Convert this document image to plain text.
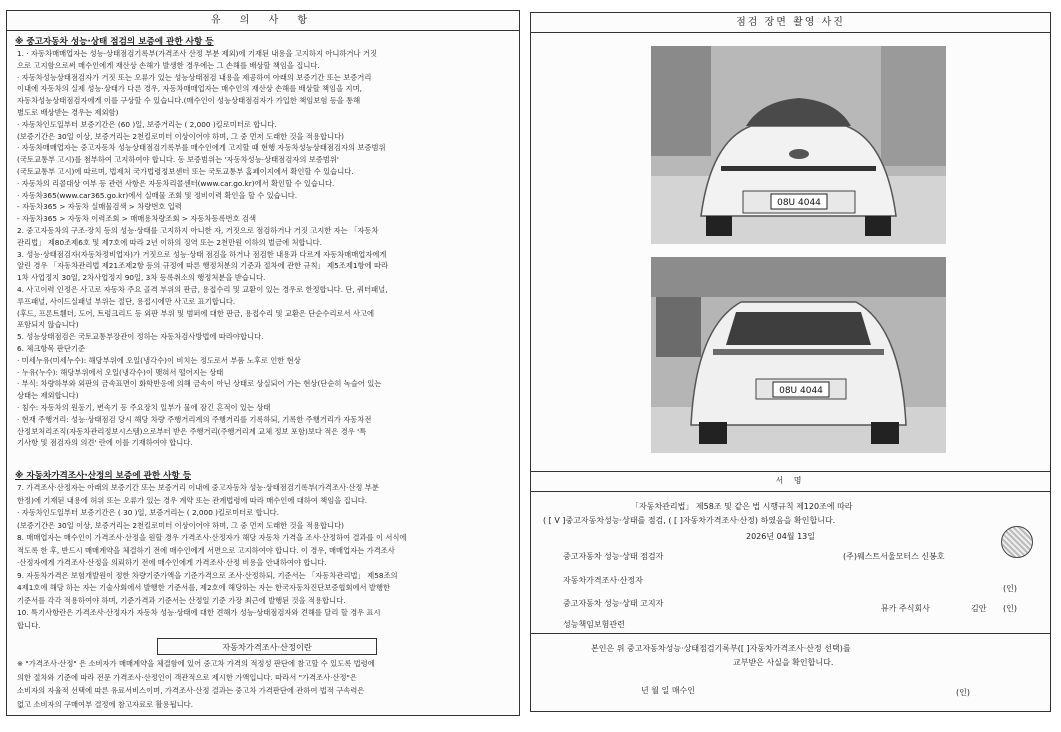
유 의 사 항
※ 중고자동차 성능·상태 점검의 보증에 관한 사항 등
1. · 자동차매매업자는 성능·상태점검기록부(가격조사 산정 부분 제외)에 기재된 내용을 고지하지 아니하거나 거짓
으로 고지함으로써 매수인에게 재산상 손해가 발생한 경우에는 그 손해를 배상할 책임을 집니다.
· 자동차성능상태점검자가 거짓 또는 오류가 있는 성능상태점검 내용을 제공하여 아래의 보증기간 또는 보증거리
이내에 자동차의 실제 성능·상태가 다른 경우, 자동차매매업자는 매수인의 재산상 손해를 배상할 책임을 지며,
자동차성능상태점검자에게 이를 구상할 수 있습니다.(매수인이 성능상태점검자가 가입한 책임보험 등을 통해
별도로 배상받는 경우는 제외함)
· 자동차인도일부터 보증기간은 (60 )일, 보증거리는 ( 2,000 )킬로미터로 합니다.
(보증기간은 30일 이상, 보증거리는 2천킬로미터 이상이어야 하며, 그 중 먼저 도래한 것을 적용합니다)
· 자동차매매업자는 중고자동차 성능상태점검기록부를 매수인에게 고지할 때 현행 자동차성능상태점검자의 보증범위
(국토교통부 고시)를 첨부하여 고지하여야 합니다. 동 보증범위는 '자동차성능·상태점검자의 보증범위'
(국토교통부 고시)에 따르며, 법제처 국가법령정보센터 또는 국토교통부 홈페이지에서 확인할 수 있습니다.
· 자동차의 리콜대상 여부 등 관련 사항은 자동차리콜센터(www.car.go.kr)에서 확인할 수 있습니다.
· 자동차365(www.car365.go.kr)에서 실매물 조회 및 정비이력 확인을 할 수 있습니다.
- 자동차365 > 자동차 실매물검색 > 차량번호 입력
- 자동차365 > 자동차 이력조회 > 매매용차량조회 > 자동차등록번호 검색
2. 중고자동차의 구조·장치 등의 성능·상태를 고지하지 아니한 자, 거짓으로 점검하거나 거짓 고지한 자는 「자동차
관리법」 제80조제6호 및 제7호에 따라 2년 이하의 징역 또는 2천만원 이하의 벌금에 처합니다.
3. 성능·상태점검자(자동차정비업자)가 거짓으로 성능·상태 점검을 하거나 점검한 내용과 다르게 자동차매매업자에게
알린 경우 「자동차관리법 제21조제2항 등의 규정에 따른 행정처분의 기준과 절차에 관한 규칙」 제5조제1항에 따라
1차 사업정지 30일, 2차사업정지 90일, 3차 등록취소의 행정처분을 받습니다.
4. 사고이력 인정은 사고로 자동차 주요 골격 부위의 판금, 용접수리 및 교환이 있는 경우로 한정합니다. 단, 쿼터패널,
루프패널, 사이드실패널 부위는 절단, 용접시에만 사고로 표기합니다.
(후드, 프론트휀더, 도어, 트렁크리드 등 외판 부위 및 범퍼에 대한 판금, 용접수리 및 교환은 단순수리로서 사고에
포함되지 않습니다)
5. 성능상태점검은 국토교통부장관이 정하는 자동차검사방법에 따라야합니다.
6. 체크항목 판단기준
· 미세누유(미세누수): 해당부위에 오일(냉각수)이 비치는 정도로서 부품 노후로 인한 현상
· 누유(누수): 해당부위에서 오일(냉각수)이 맺혀서 떨어지는 상태
· 부식: 차량하부와 외판의 금속표면이 화학반응에 의해 금속이 아닌 상태로 상실되어 가는 현상(단순히 녹슬어 있는
상태는 제외합니다)
· 침수: 자동차의 원동기, 변속기 등 주요장치 일부가 물에 잠긴 흔적이 있는 상태
· 현재 주행거리: 성능·상태점검 당시 해당 차량 주행거리계의 주행거리를 기록하되, 기록한 주행거리가 자동차전
산정보처리조직(자동차관리정보시스템)으로부터 받은 주행거리(주행거리계 교체 정보 포함)보다 적은 경우 '특
기사항 및 점검자의 의견' 란에 이를 기재하여야 합니다.
※ 자동차가격조사·산정의 보증에 관한 사항 등
7. 가격조사·산정자는 아래의 보증기간 또는 보증거리 이내에 중고자동차 성능·상태점검기록부(가격조사·산정 부분
한정)에 기재된 내용에 허위 또는 오류가 있는 경우 계약 또는 관계법령에 따라 매수인에 대하여 책임을 집니다.
· 자동차인도일부터 보증기간은 ( 30 )일, 보증거리는 ( 2,000 )킬로미터로 합니다.
(보증기간은 30일 이상, 보증거리는 2천킬로미터 이상이어야 하며, 그 중 먼저 도래한 것을 적용합니다)
8. 매매업자는 매수인이 가격조사·산정을 원할 경우 가격조사·산정자가 해당 자동차 가격을 조사·산정하여 결과를 이 서식에
적도록 한 후, 반드시 매매계약을 체결하기 전에 매수인에게 서면으로 고지하여야 합니다. 이 경우, 매매업자는 가격조사
·산정자에게 가격조사·산정을 의뢰하기 전에 매수인에게 가격조사·산정 비용을 안내하여야 합니다.
9. 자동차가격은 보험개발원이 정한 차량기준가액을 기준가격으로 조사·산정하되, 기준서는 「자동차관리법」 제58조의
4제1호에 해당 하는 자는 기술사회에서 발행한 기준서를, 제2호에 해당하는 자는 한국자동차진단보증협회에서 발행한
기준서를 각각 적용하여야 하며, 기준가격과 기준서는 산정일 기준 가장 최근에 발행된 것을 적용합니다.
10. 특기사항란은 가격조사·산정자가 자동차 성능·상태에 대한 견해가 성능·상태점검자와 견해를 달리 할 경우 표시
합니다.
자동차가격조사·산정이란
※ "가격조사·산정" 은 소비자가 매매계약을 체결함에 있어 중고차 가격의 적정성 판단에 참고할 수 있도록 법령에
의한 절차와 기준에 따라 전문 가격조사·산정인이 객관적으로 제시한 가액입니다. 따라서 "가격조사·산정"은
소비자의 자율적 선택에 따른 유료서비스이며, 가격조사·산정 결과는 중고차 가격판단에 관하여 법적 구속력은
없고 소비자의 구매여부 결정에 참고자료로 활용됩니다.
점검 장면 촬영 사진
08U 4044
08U 4044
서 명
「자동차관리법」 제58조 및 같은 법 시행규칙 제120조에 따라
( [ V ]중고자동차성능·상태를 점검, ( [ ]자동차가격조사·산정) 하였음을 확인합니다.
2026년 04월 13일
중고자동차 성능·상태 점검자	(주)웨스트서울모터스 신봉호
자동차가격조사·산정자
(인)
중고자동차 성능·상태 고지자
뮤카 주식회사	김안 (인)
성능책임보험관련
본인은 위 중고자동차성능·상태점검기록부([ ]자동차가격조사·산정 선택)를
교부받은 사실을 확인합니다.
년 월 일 매수인	(인)
